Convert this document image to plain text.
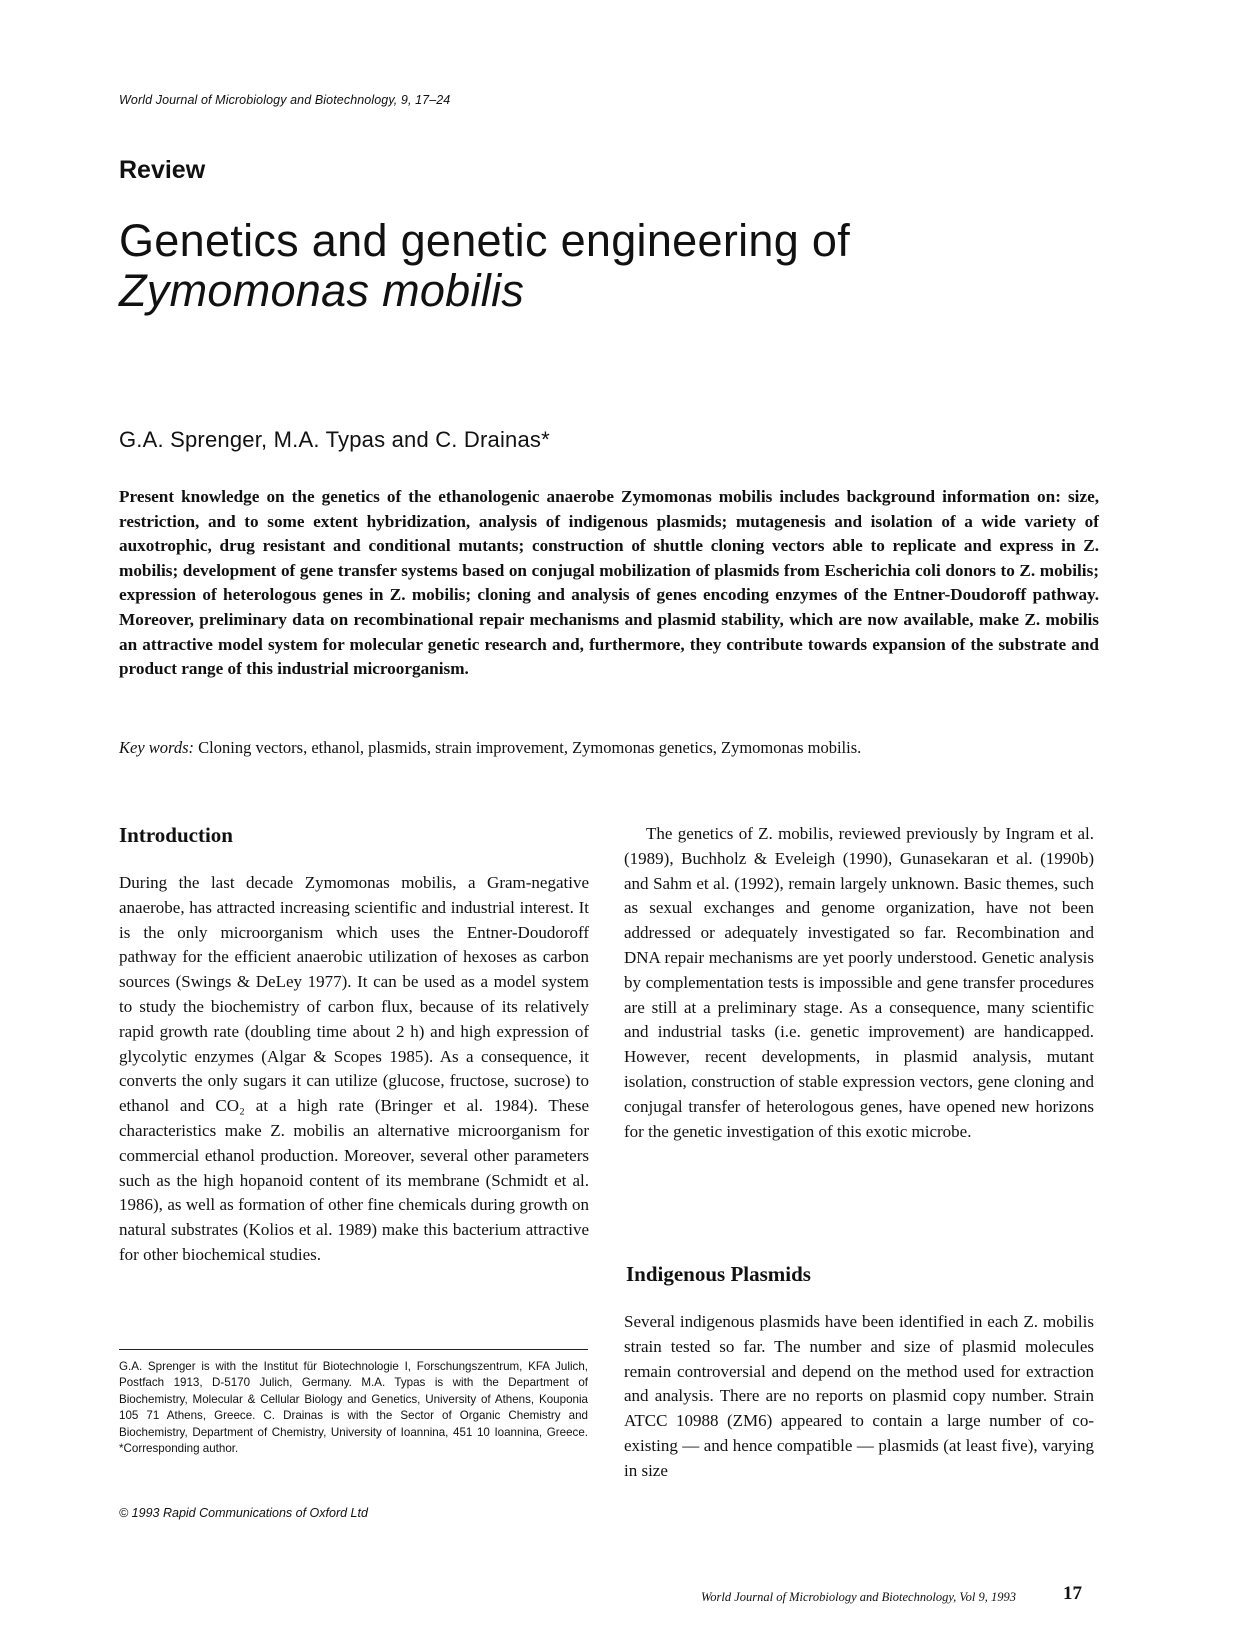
World Journal of Microbiology and Biotechnology, 9, 17–24
Review
Genetics and genetic engineering of
Zymomonas mobilis
G.A. Sprenger, M.A. Typas and C. Drainas*

Present knowledge on the genetics of the ethanologenic anaerobe Zymomonas mobilis includes background information on: size, restriction, and to some extent hybridization, analysis of indigenous plasmids; mutagenesis and isolation of a wide variety of auxotrophic, drug resistant and conditional mutants; construction of shuttle cloning vectors able to replicate and express in Z. mobilis; development of gene transfer systems based on conjugal mobilization of plasmids from Escherichia coli donors to Z. mobilis; expression of heterologous genes in Z. mobilis; cloning and analysis of genes encoding enzymes of the Entner-Doudoroff pathway. Moreover, preliminary data on recombinational repair mechanisms and plasmid stability, which are now available, make Z. mobilis an attractive model system for molecular genetic research and, furthermore, they contribute towards expansion of the substrate and product range of this industrial microorganism.

Key words: Cloning vectors, ethanol, plasmids, strain improvement, Zymomonas genetics, Zymomonas mobilis.
Introduction

During the last decade Zymomonas mobilis, a Gram-negative anaerobe, has attracted increasing scientific and industrial interest. It is the only microorganism which uses the Entner-Doudoroff pathway for the efficient anaerobic utilization of hexoses as carbon sources (Swings & DeLey 1977). It can be used as a model system to study the biochemistry of carbon flux, because of its relatively rapid growth rate (doubling time about 2 h) and high expression of glycolytic enzymes (Algar & Scopes 1985). As a consequence, it converts the only sugars it can utilize (glucose, fructose, sucrose) to ethanol and CO₂ at a high rate (Bringer et al. 1984). These characteristics make Z. mobilis an alternative microorganism for commercial ethanol production. Moreover, several other parameters such as the high hopanoid content of its membrane (Schmidt et al. 1986), as well as formation of other fine chemicals during growth on natural substrates (Kolios et al. 1989) make this bacterium attractive for other biochemical studies.

The genetics of Z. mobilis, reviewed previously by Ingram et al. (1989), Buchholz & Eveleigh (1990), Gunasekaran et al. (1990b) and Sahm et al. (1992), remain largely unknown. Basic themes, such as sexual exchanges and genome organization, have not been addressed or adequately investigated so far. Recombination and DNA repair mechanisms are yet poorly understood. Genetic analysis by complementation tests is impossible and gene transfer procedures are still at a preliminary stage. As a consequence, many scientific and industrial tasks (i.e. genetic improvement) are handicapped. However, recent developments, in plasmid analysis, mutant isolation, construction of stable expression vectors, gene cloning and conjugal transfer of heterologous genes, have opened new horizons for the genetic investigation of this exotic microbe.

Indigenous Plasmids

Several indigenous plasmids have been identified in each Z. mobilis strain tested so far. The number and size of plasmid molecules remain controversial and depend on the method used for extraction and analysis. There are no reports on plasmid copy number. Strain ATCC 10988 (ZM6) appeared to contain a large number of co-existing — and hence compatible — plasmids (at least five), varying in size

G.A. Sprenger is with the Institut für Biotechnologie I, Forschungszentrum, KFA Julich, Postfach 1913, D-5170 Julich, Germany. M.A. Typas is with the Department of Biochemistry, Molecular & Cellular Biology and Genetics, University of Athens, Kouponia 105 71 Athens, Greece. C. Drainas is with the Sector of Organic Chemistry and Biochemistry, Department of Chemistry, University of Ioannina, 451 10 Ioannina, Greece. *Corresponding author.

© 1993 Rapid Communications of Oxford Ltd
World Journal of Microbiology and Biotechnology, Vol 9, 1993 17
